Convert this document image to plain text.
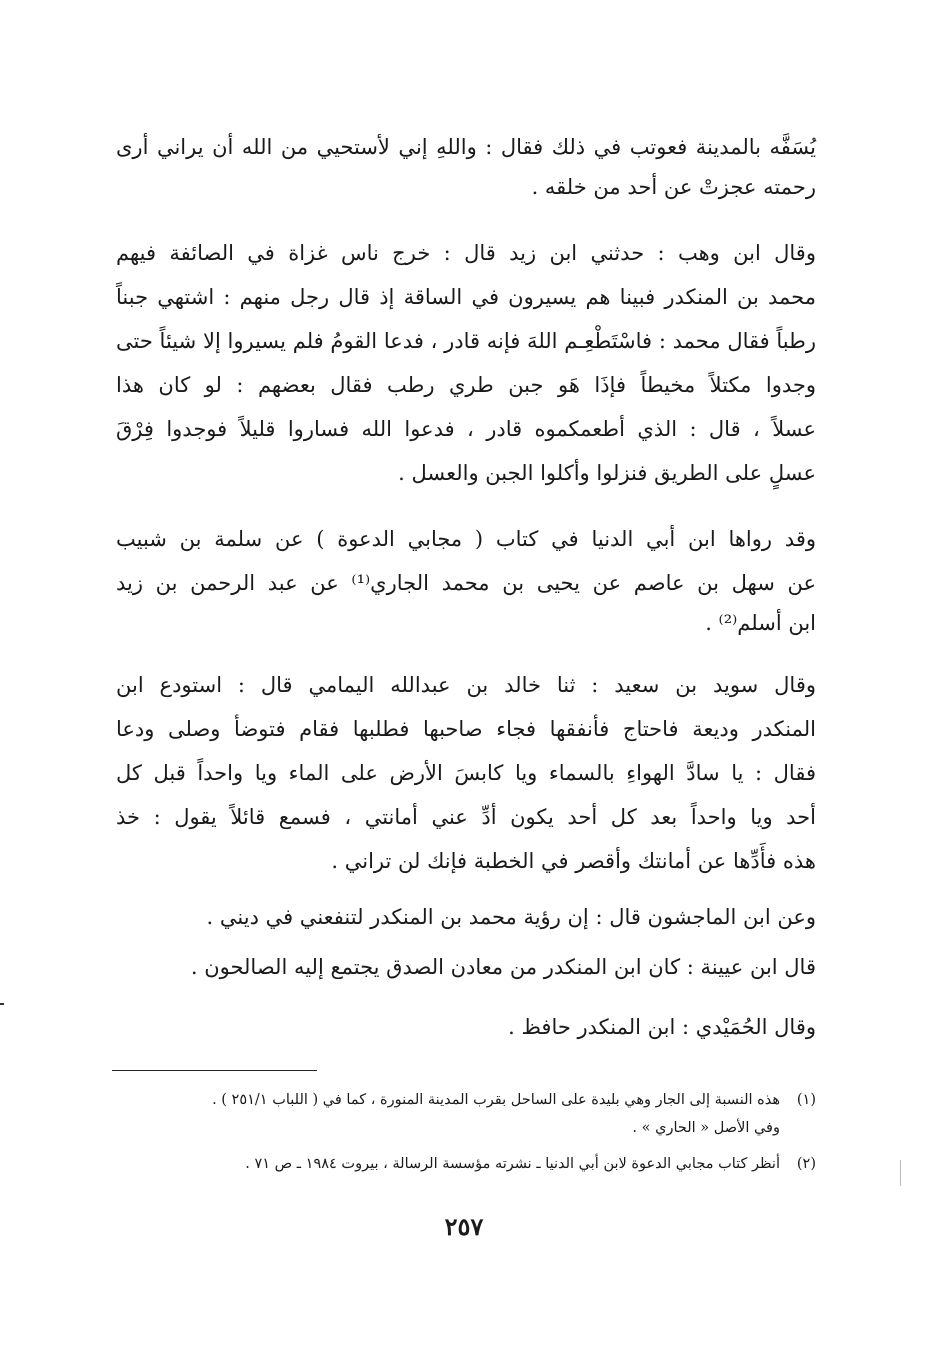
يُسَفَّه بالمدينة فعوتب في ذلك فقال : واللهِ إني لأستحيي من الله أن يراني أرى
رحمته عجزتْ عن أحد من خلقه .
وقال ابن وهب : حدثني ابن زيد قال : خرج ناس غزاة في الصائفة فيهم
محمد بن المنكدر فبينا هم يسيرون في الساقة إذ قال رجل منهم : اشتهي جبناً
رطباً فقال محمد : فاسْتَطْعِـم اللهَ فإنه قادر ، فدعا القومُ فلم يسيروا إلا شيئاً حتى
وجدوا مكتلاً مخيطاً فإذَا هَو جبن طري رطب فقال بعضهم : لو كان هذا
عسلاً ، قال : الذي أطعمكموه قادر ، فدعوا الله فساروا قليلاً فوجدوا فِرْقَ
عسلٍ على الطريق فنزلوا وأكلوا الجبن والعسل .
وقد رواها ابن أبي الدنيا في كتاب ( مجابي الدعوة ) عن سلمة بن شبيب
عن سهل بن عاصم عن يحيى بن محمد الجاري⁽¹⁾ عن عبد الرحمن بن زيد
ابن أسلم⁽²⁾ .
وقال سويد بن سعيد : ثنا خالد بن عبدالله اليمامي قال : استودع ابن
المنكدر وديعة فاحتاج فأنفقها فجاء صاحبها فطلبها فقام فتوضأ وصلى ودعا
فقال : يا سادَّ الهواءِ بالسماء ويا كابسَ الأرض على الماء ويا واحداً قبل كل
أحد ويا واحداً بعد كل أحد يكون أدِّ عني أمانتي ، فسمع قائلاً يقول : خذ
هذه فأَدِّها عن أمانتك وأقصر في الخطبة فإنك لن تراني .
وعن ابن الماجشون قال : إن رؤية محمد بن المنكدر لتنفعني في ديني .
قال ابن عيينة : كان ابن المنكدر من معادن الصدق يجتمع إليه الصالحون .
وقال الحُمَيْدي : ابن المنكدر حافظ .
(١)هذه النسبة إلى الجار وهي بليدة على الساحل بقرب المدينة المنورة ، كما في ( اللباب ٢٥١/١ ) .
وفي الأصل « الحاري » .
(٢)أنظر كتاب مجابي الدعوة لابن أبي الدنيا ـ نشرته مؤسسة الرسالة ، بيروت ١٩٨٤ ـ ص ٧١ .
٢٥٧
